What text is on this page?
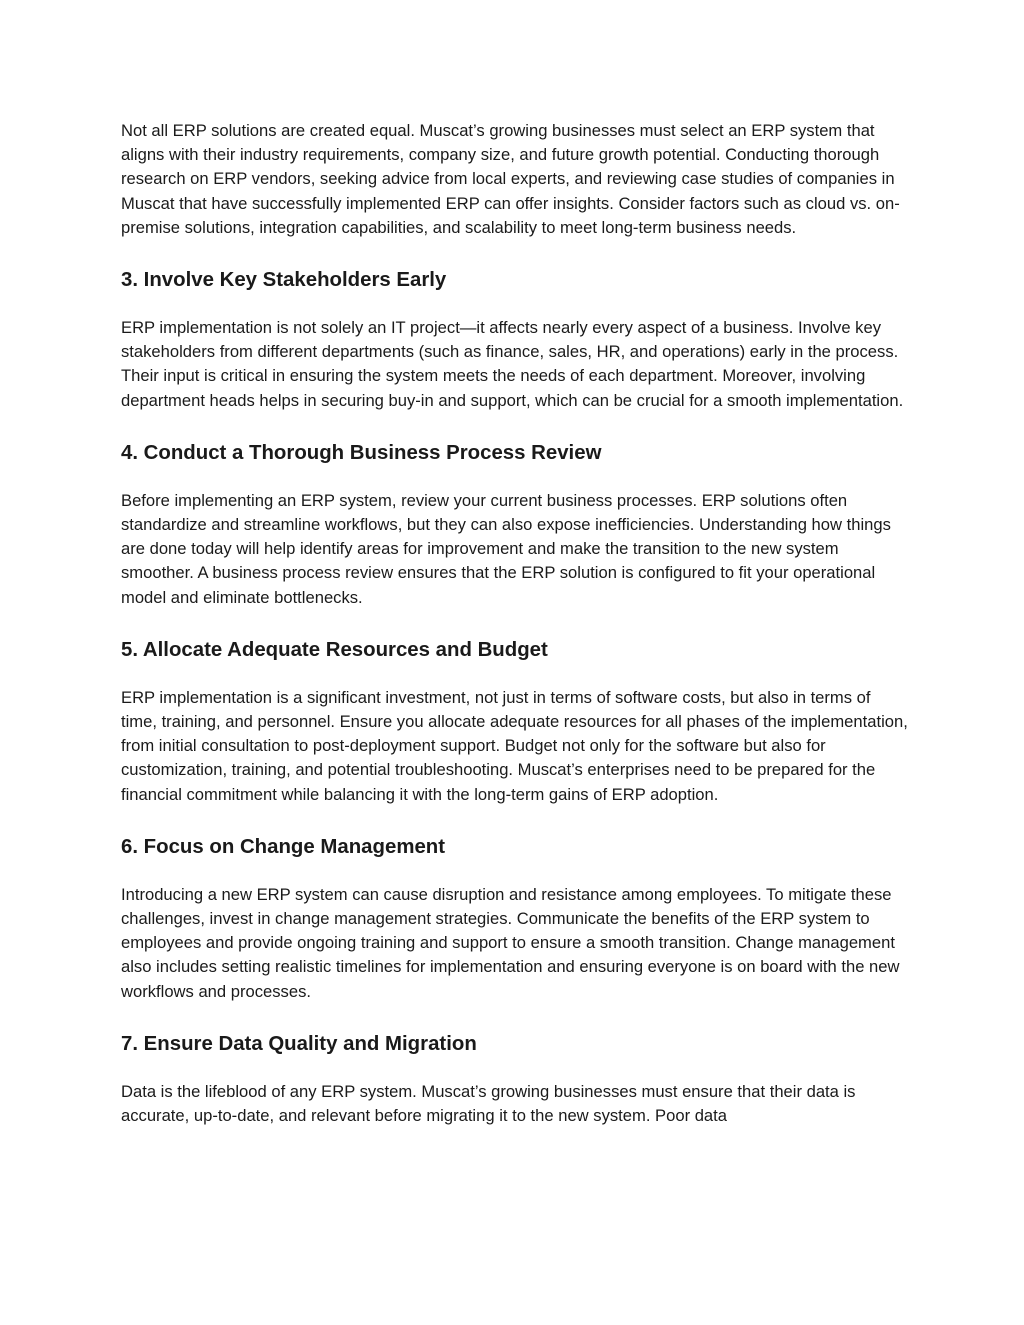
Not all ERP solutions are created equal. Muscat’s growing businesses must select an ERP system that aligns with their industry requirements, company size, and future growth potential. Conducting thorough research on ERP vendors, seeking advice from local experts, and reviewing case studies of companies in Muscat that have successfully implemented ERP can offer insights. Consider factors such as cloud vs. on-premise solutions, integration capabilities, and scalability to meet long-term business needs.

3. Involve Key Stakeholders Early

ERP implementation is not solely an IT project—it affects nearly every aspect of a business. Involve key stakeholders from different departments (such as finance, sales, HR, and operations) early in the process. Their input is critical in ensuring the system meets the needs of each department. Moreover, involving department heads helps in securing buy-in and support, which can be crucial for a smooth implementation.

4. Conduct a Thorough Business Process Review

Before implementing an ERP system, review your current business processes. ERP solutions often standardize and streamline workflows, but they can also expose inefficiencies. Understanding how things are done today will help identify areas for improvement and make the transition to the new system smoother. A business process review ensures that the ERP solution is configured to fit your operational model and eliminate bottlenecks.

5. Allocate Adequate Resources and Budget

ERP implementation is a significant investment, not just in terms of software costs, but also in terms of time, training, and personnel. Ensure you allocate adequate resources for all phases of the implementation, from initial consultation to post-deployment support. Budget not only for the software but also for customization, training, and potential troubleshooting. Muscat’s enterprises need to be prepared for the financial commitment while balancing it with the long-term gains of ERP adoption.

6. Focus on Change Management

Introducing a new ERP system can cause disruption and resistance among employees. To mitigate these challenges, invest in change management strategies. Communicate the benefits of the ERP system to employees and provide ongoing training and support to ensure a smooth transition. Change management also includes setting realistic timelines for implementation and ensuring everyone is on board with the new workflows and processes.

7. Ensure Data Quality and Migration

Data is the lifeblood of any ERP system. Muscat’s growing businesses must ensure that their data is accurate, up-to-date, and relevant before migrating it to the new system. Poor data
